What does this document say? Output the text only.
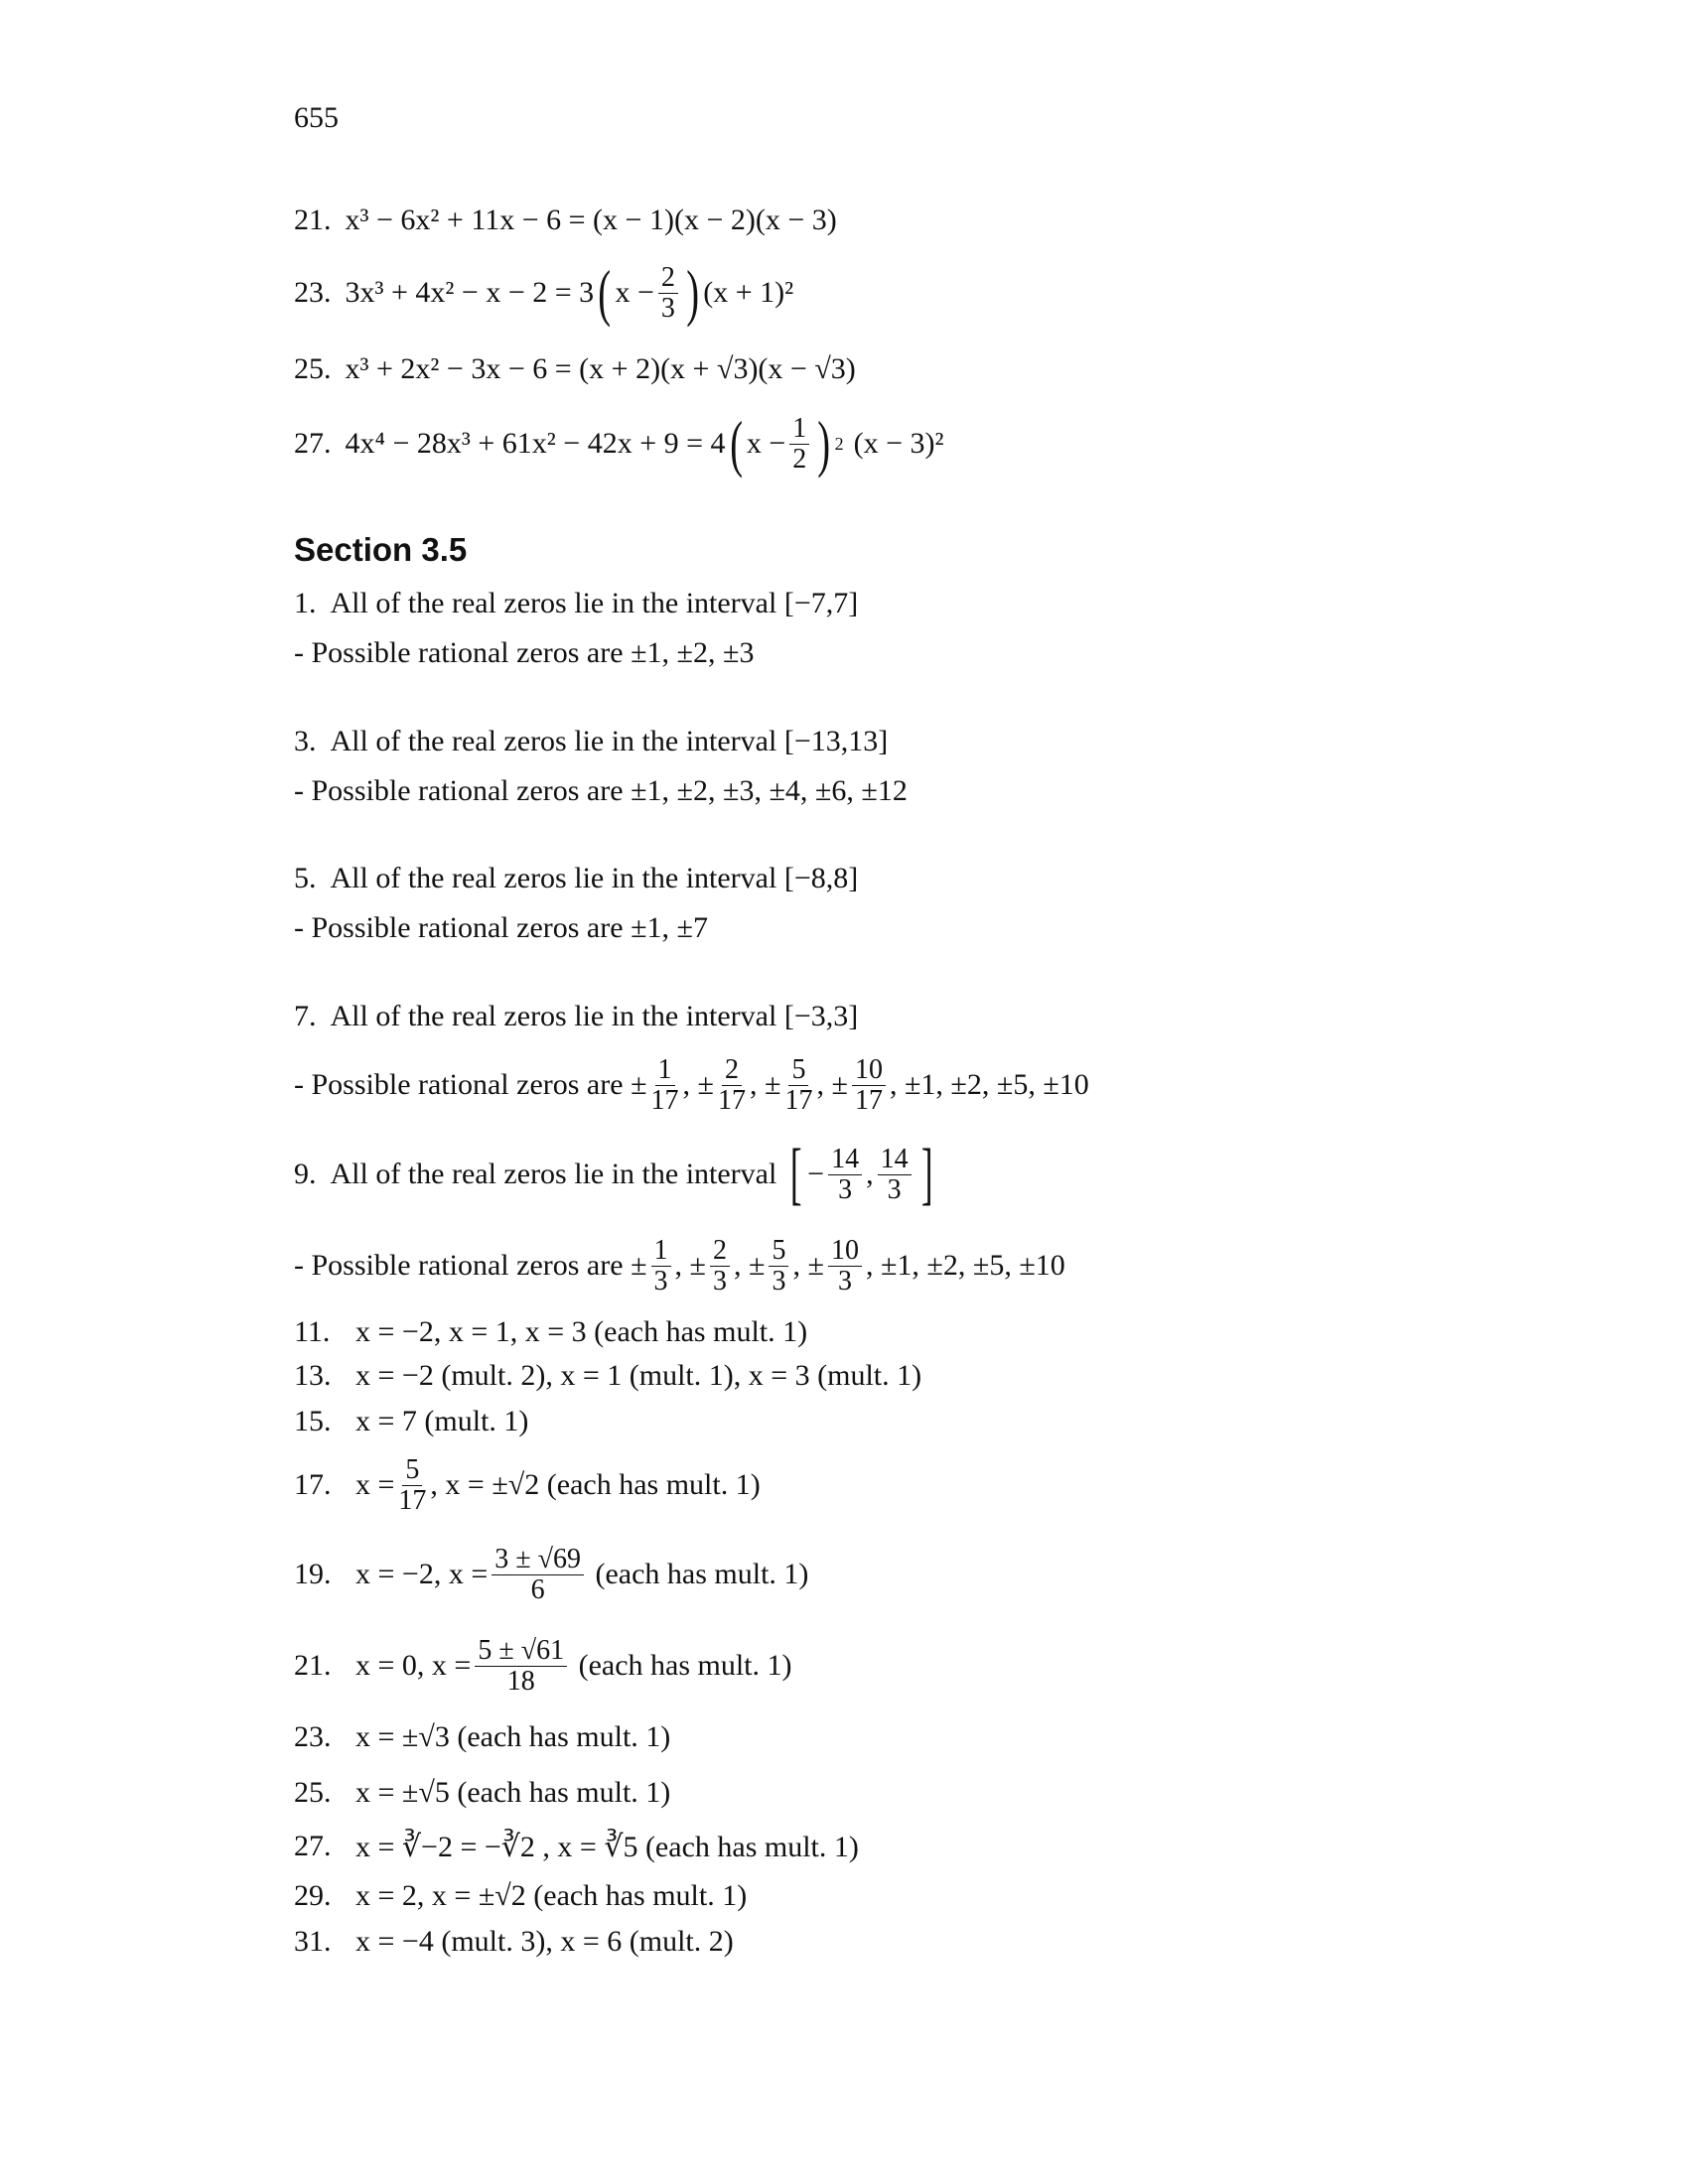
655
21. x³ − 6x² + 11x − 6 = (x − 1)(x − 2)(x − 3)
23. 3x³ + 4x² − x − 2 = 3 ( $x - \frac{2}{3}$ ) (x + 1)²
25. x³ + 2x² − 3x − 6 = (x + 2)(x + √3)(x − √3)
27. 4x⁴ − 28x³ + 61x² − 42x + 9 = 4 ( $x - \frac{1}{2}$ ) 2 (x − 3)²
Section 3.5
1. All of the real zeros lie in the interval
[−7,7]
- Possible rational zeros are
±1, ±2, ±3
3. All of the real zeros lie in the interval
[−13,13]
- Possible rational zeros are
±1, ±2, ±3, ±4, ±6, ±12
5. All of the real zeros lie in the interval
[−8,8]
- Possible rational zeros are
±1, ±7
7. All of the real zeros lie in the interval
[−3,3]
- Possible rational zeros are ± $\frac{1}{17}$ , ± $\frac{2}{17}$ , ± $\frac{5}{17}$ , ± $\frac{10}{17}$ , ±1, ±2, ±5, ±10
9. All of the real zeros lie in the interval
[ − $\frac{14}{3}$ , $\frac{14}{3}$ ]
- Possible rational zeros are ± $\frac{1}{3}$ , ± $\frac{2}{3}$ , ± $\frac{5}{3}$ , ± $\frac{10}{3}$ , ±1, ±2, ±5, ±10
11. x = −2, x = 1, x = 3 (each has mult. 1)
13. x = −2 (mult. 2), x = 1 (mult. 1), x = 3 (mult. 1)
15. x = 7 (mult. 1)
17. $x = \frac{5}{17}$ , x = ±√2 (each has mult. 1)
19. x = −2, $x = \frac{3 \pm √69}{6}$
(each has mult. 1)
21. x = 0, $x = \frac{5 \pm √61}{18}$
(each has mult. 1)
23. x = ±√3 (each has mult. 1)
25. x = ±√5 (each has mult. 1)
27. x = ∛−2 = −∛2 , x = ∛5 (each has mult. 1)
29. x = 2, x = ±√2 (each has mult. 1)
31. x = −4 (mult. 3), x = 6 (mult. 2)
